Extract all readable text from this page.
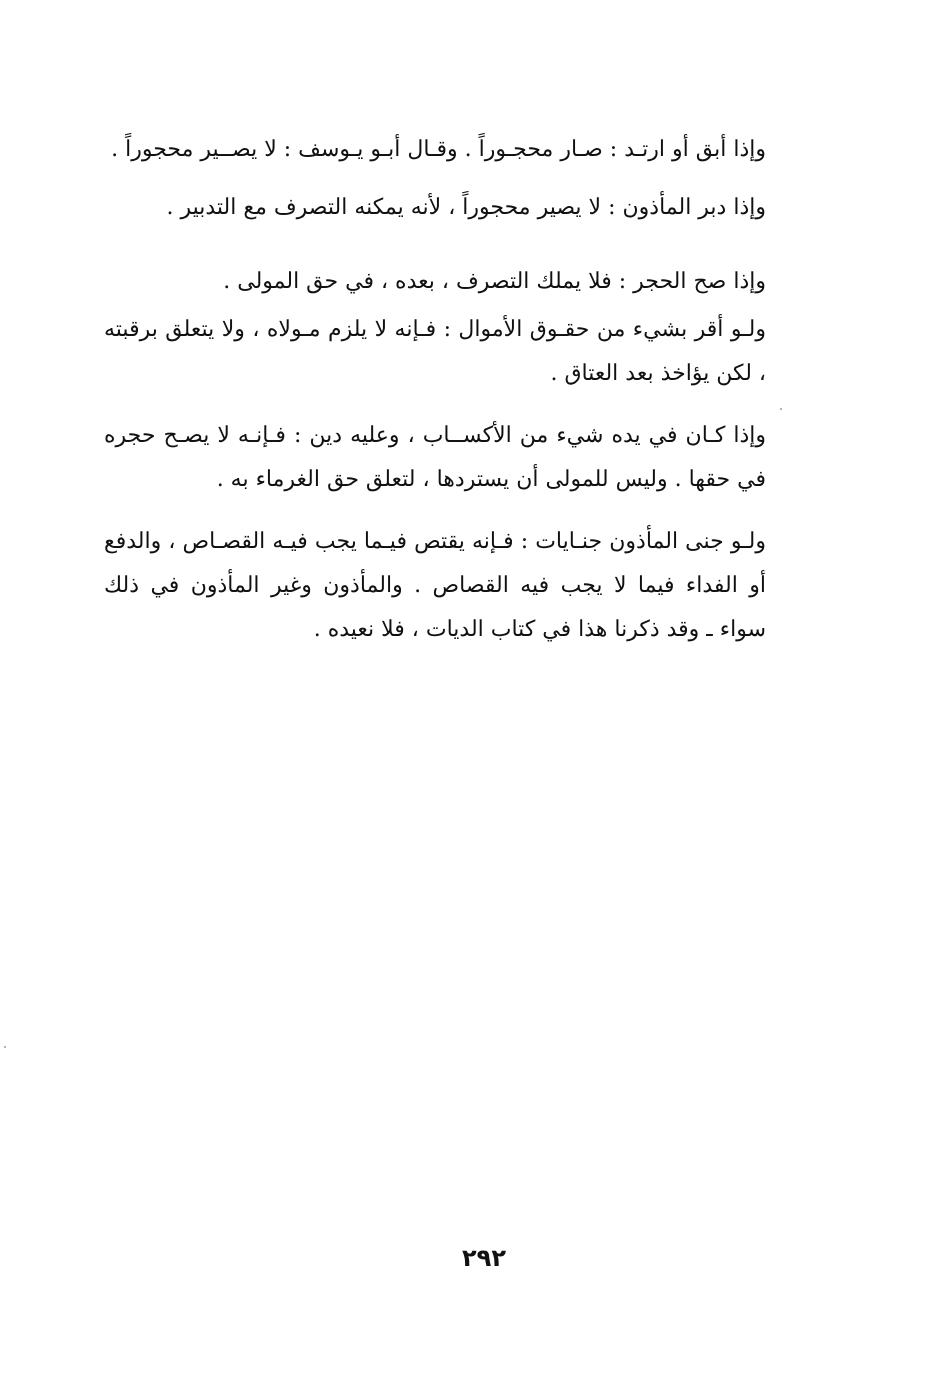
وإذا أبق أو ارتـد : صـار محجـوراً . وقـال أبـو يـوسف : لا يصــير محجوراً .

وإذا دبر المأذون : لا يصير محجوراً ، لأنه يمكنه التصرف مع التدبير .

وإذا صح الحجر : فلا يملك التصرف ، بعده ، في حق المولى .

ولـو أقر بشيء من حقـوق الأموال : فـإنه لا يلزم مـولاه ، ولا يتعلق برقبته ، لكن يؤاخذ بعد العتاق .

وإذا كـان في يده شيء من الأكســاب ، وعليه دين : فـإنـه لا يصـح حجره في حقها . وليس للمولى أن يستردها ، لتعلق حق الغرماء به .

ولـو جنى المأذون جنـايات : فـإنه يقتص فيـما يجب فيـه القصـاص ، والدفع أو الفداء فيما لا يجب فيه القصاص . والمأذون وغير المأذون في ذلك سواء ـ وقد ذكرنا هذا في كتاب الديات ، فلا نعيده .

٢٩٢
